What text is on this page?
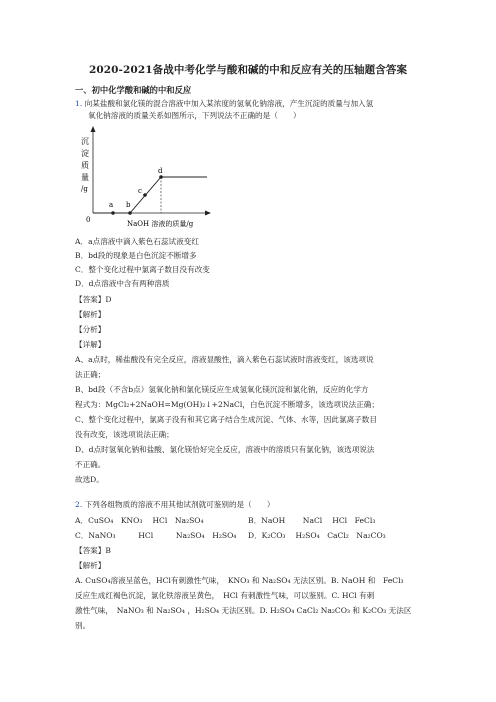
2020-2021备战中考化学与酸和碱的中和反应有关的压轴题含答案
一、初中化学酸和碱的中和反应
1. 向某盐酸和氯化镁的混合溶液中加入某浓度的氢氧化钠溶液，产生沉淀的质量与加入氢
氧化钠溶液的质量关系如图所示，下列说法不正确的是（　　）
沉
淀
质
量
/g
0	NaOH 溶液的质量/g
a b
c
d
A．a点溶液中滴入紫色石蕊试液变红
B．bd段的现象是白色沉淀不断增多
C．整个变化过程中氯离子数目没有改变
D．d点溶液中含有两种溶质
【答案】D
【解析】
【分析】
【详解】
A、a点时，稀盐酸没有完全反应，溶液显酸性，滴入紫色石蕊试液时溶液变红，该选项说
法正确；
B、bd段（不含b点）氢氧化钠和氯化镁反应生成氢氧化镁沉淀和氯化钠，反应的化学方
程式为：MgCl₂+2NaOH=Mg(OH)₂↓+2NaCl，白色沉淀不断增多，该选项说法正确；
C、整个变化过程中，氯离子没有和其它离子结合生成沉淀、气体、水等，因此氯离子数目
没有改变，该选项说法正确；
D、d点时氢氧化钠和盐酸、氯化镁恰好完全反应，溶液中的溶质只有氯化钠，该选项说法
不正确。
故选D。
2. 下列各组物质的溶液不用其他试剂就可鉴别的是（　　）
A．CuSO₄　KNO₃　 HCl　Na₂SO₄	B．NaOH　　 NaCl　 HCl　FeCl₃
C．NaNO₃　　　HCl　　　Na₂SO₄　H₂SO₄ D．K₂CO₃　 H₂SO₄　CaCl₂　Na₂CO₃
【答案】B
【解析】
A. CuSO₄溶液呈蓝色，HCl有刺激性气味，　KNO₃ 和 Na₂SO₄ 无法区别。B. NaOH 和　FeCl₃
反应生成红褐色沉淀，氯化铁溶液呈黄色，　HCl 有刺激性气味，可以鉴别。C. HCl 有刺
激性气味，　NaNO₃ 和 Na₂SO₄ ，H₂SO₄ 无法区别。D. H₂SO₄ CaCl₂ Na₂CO₃ 和 K₂CO₃ 无法区
别。
